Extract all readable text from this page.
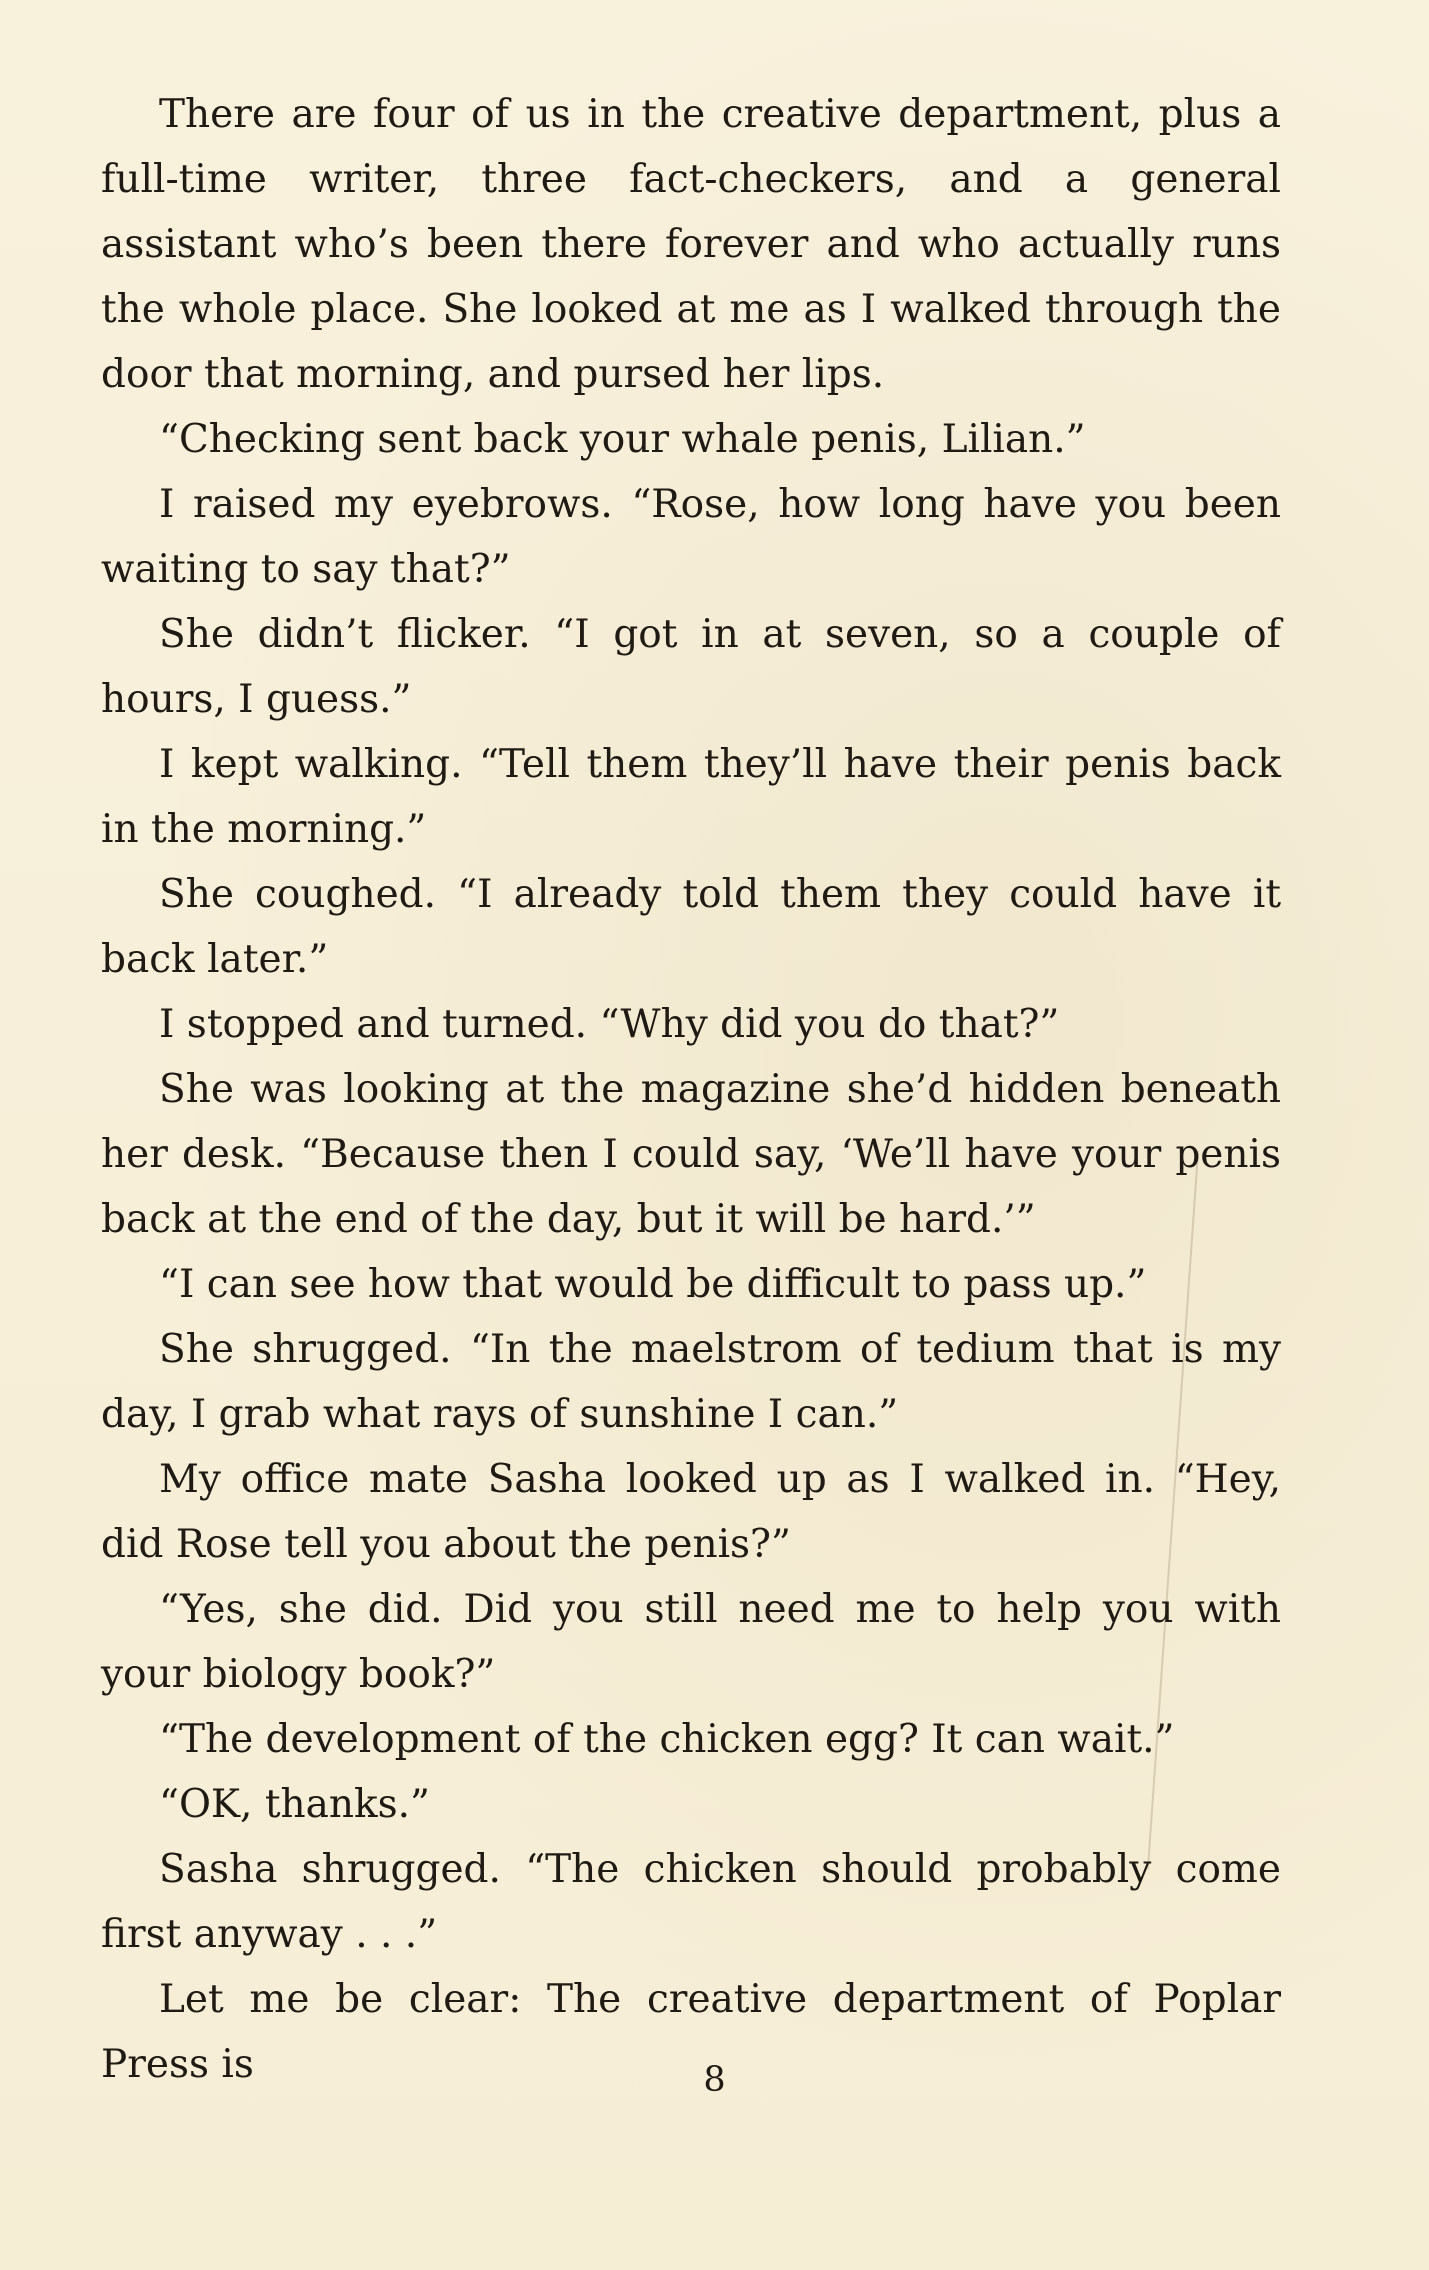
There are four of us in the creative department, plus a full-time writer, three fact-checkers, and a general assistant who’s been there forever and who actually runs the whole place. She looked at me as I walked through the door that morning, and pursed her lips.

“Checking sent back your whale penis, Lilian.”

I raised my eyebrows. “Rose, how long have you been waiting to say that?”

She didn’t flicker. “I got in at seven, so a couple of hours, I guess.”

I kept walking. “Tell them they’ll have their penis back in the morning.”

She coughed. “I already told them they could have it back later.”

I stopped and turned. “Why did you do that?”

She was looking at the magazine she’d hidden beneath her desk. “Because then I could say, ‘We’ll have your penis back at the end of the day, but it will be hard.’”

“I can see how that would be difficult to pass up.”

She shrugged. “In the maelstrom of tedium that is my day, I grab what rays of sunshine I can.”

My office mate Sasha looked up as I walked in. “Hey, did Rose tell you about the penis?”

“Yes, she did. Did you still need me to help you with your biology book?”

“The development of the chicken egg? It can wait.”

“OK, thanks.”

Sasha shrugged. “The chicken should probably come first anyway . . .”

Let me be clear: The creative department of Poplar Press is	8
